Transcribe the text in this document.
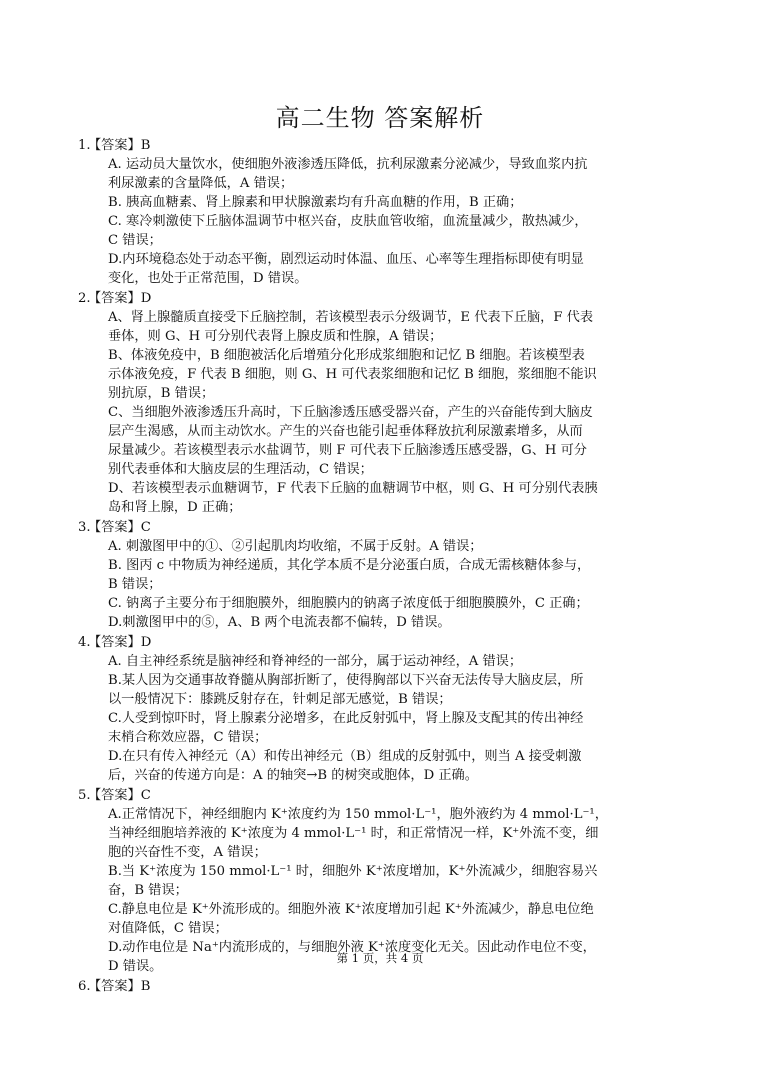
高二生物 答案解析
1.【答案】B
A. 运动员大量饮水，使细胞外液渗透压降低，抗利尿激素分泌减少，导致血浆内抗
利尿激素的含量降低，A 错误；
B. 胰高血糖素、肾上腺素和甲状腺激素均有升高血糖的作用，B 正确；
C. 寒冷刺激使下丘脑体温调节中枢兴奋，皮肤血管收缩，血流量减少，散热减少，
C 错误；
D.内环境稳态处于动态平衡，剧烈运动时体温、血压、心率等生理指标即使有明显
变化，也处于正常范围，D 错误。
2.【答案】D
A、肾上腺髓质直接受下丘脑控制，若该模型表示分级调节，E 代表下丘脑，F 代表
垂体，则 G、H 可分别代表肾上腺皮质和性腺，A 错误；
B、体液免疫中，B 细胞被活化后增殖分化形成浆细胞和记忆 B 细胞。若该模型表
示体液免疫，F 代表 B 细胞，则 G、H 可代表浆细胞和记忆 B 细胞，浆细胞不能识
别抗原，B 错误；
C、当细胞外液渗透压升高时，下丘脑渗透压感受器兴奋，产生的兴奋能传到大脑皮
层产生渴感，从而主动饮水。产生的兴奋也能引起垂体释放抗利尿激素增多，从而
尿量减少。若该模型表示水盐调节，则 F 可代表下丘脑渗透压感受器，G、H 可分
别代表垂体和大脑皮层的生理活动，C 错误；
D、若该模型表示血糖调节，F 代表下丘脑的血糖调节中枢，则 G、H 可分别代表胰
岛和肾上腺，D 正确；
3.【答案】C
A. 刺激图甲中的①、②引起肌肉均收缩，不属于反射。A 错误；
B. 图丙 c 中物质为神经递质，其化学本质不是分泌蛋白质，合成无需核糖体参与，
B 错误；
C. 钠离子主要分布于细胞膜外，细胞膜内的钠离子浓度低于细胞膜膜外，C 正确；
D.刺激图甲中的⑤，A、B 两个电流表都不偏转，D 错误。
4.【答案】D
A. 自主神经系统是脑神经和脊神经的一部分，属于运动神经，A 错误；
B.某人因为交通事故脊髓从胸部折断了，使得胸部以下兴奋无法传导大脑皮层，所
以一般情况下：膝跳反射存在，针刺足部无感觉，B 错误；
C.人受到惊吓时，肾上腺素分泌增多，在此反射弧中，肾上腺及支配其的传出神经
末梢合称效应器，C 错误；
D.在只有传入神经元（A）和传出神经元（B）组成的反射弧中，则当 A 接受刺激
后，兴奋的传递方向是：A 的轴突→B 的树突或胞体，D 正确。
5.【答案】C
A.正常情况下，神经细胞内 K⁺浓度约为 150 mmol·L⁻¹，胞外液约为 4 mmol·L⁻¹，
当神经细胞培养液的 K⁺浓度为 4 mmol·L⁻¹ 时，和正常情况一样，K⁺外流不变，细
胞的兴奋性不变，A 错误；
B.当 K⁺浓度为 150 mmol·L⁻¹ 时，细胞外 K⁺浓度增加，K⁺外流减少，细胞容易兴
奋，B 错误；
C.静息电位是 K⁺外流形成的。细胞外液 K⁺浓度增加引起 K⁺外流减少，静息电位绝
对值降低，C 错误；
D.动作电位是 Na⁺内流形成的，与细胞外液 K⁺浓度变化无关。因此动作电位不变，
D 错误。
6.【答案】B
第 1 页，共 4 页
